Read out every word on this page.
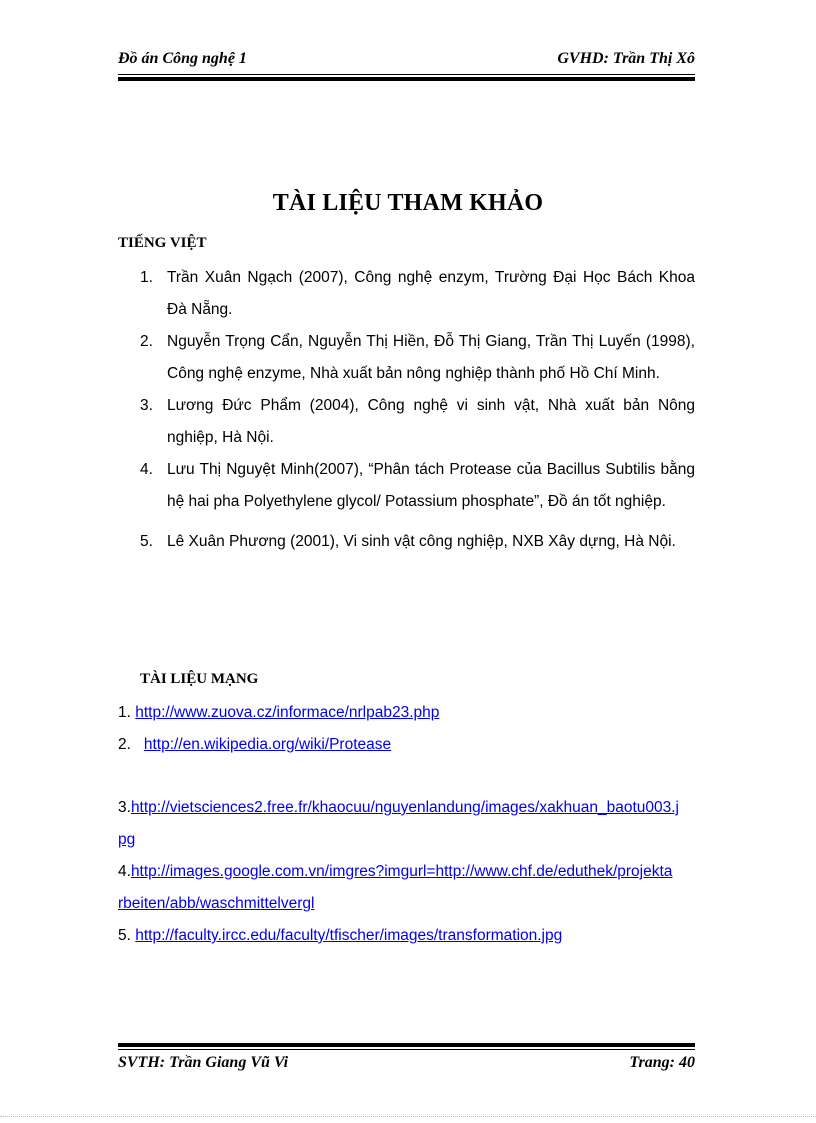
Đồ án Công nghệ 1	GVHD: Trần Thị Xô
TÀI LIỆU THAM KHẢO
TIẾNG VIỆT
1. Trần Xuân Ngạch (2007), Công nghệ enzym, Trường Đại Học Bách Khoa Đà Nẵng.
2. Nguyễn Trọng Cẩn, Nguyễn Thị Hiền, Đỗ Thị Giang, Trần Thị Luyến (1998), Công nghệ enzyme, Nhà xuất bản nông nghiệp thành phố Hồ Chí Minh.
3. Lương Đức Phẩm (2004), Công nghệ vi sinh vật, Nhà xuất bản Nông nghiệp, Hà Nội.
4. Lưu Thị Nguyệt Minh(2007), “Phân tách Protease của Bacillus Subtilis bằng hệ hai pha Polyethylene glycol/ Potassium phosphate”, Đồ án tốt nghiệp.
5. Lê Xuân Phương (2001), Vi sinh vật công nghiệp, NXB Xây dựng, Hà Nội.
TÀI LIỆU MẠNG
1. http://www.zuova.cz/informace/nrlpab23.php
2.   http://en.wikipedia.org/wiki/Protease
3.http://vietsciences2.free.fr/khaocuu/nguyenlandung/images/xakhuan_baotu003.j
pg
4.http://images.google.com.vn/imgres?imgurl=http://www.chf.de/eduthek/projekta
rbeiten/abb/waschmittelvergl
5. http://faculty.ircc.edu/faculty/tfischer/images/transformation.jpg
SVTH: Trần Giang Vũ Vi	Trang: 40
